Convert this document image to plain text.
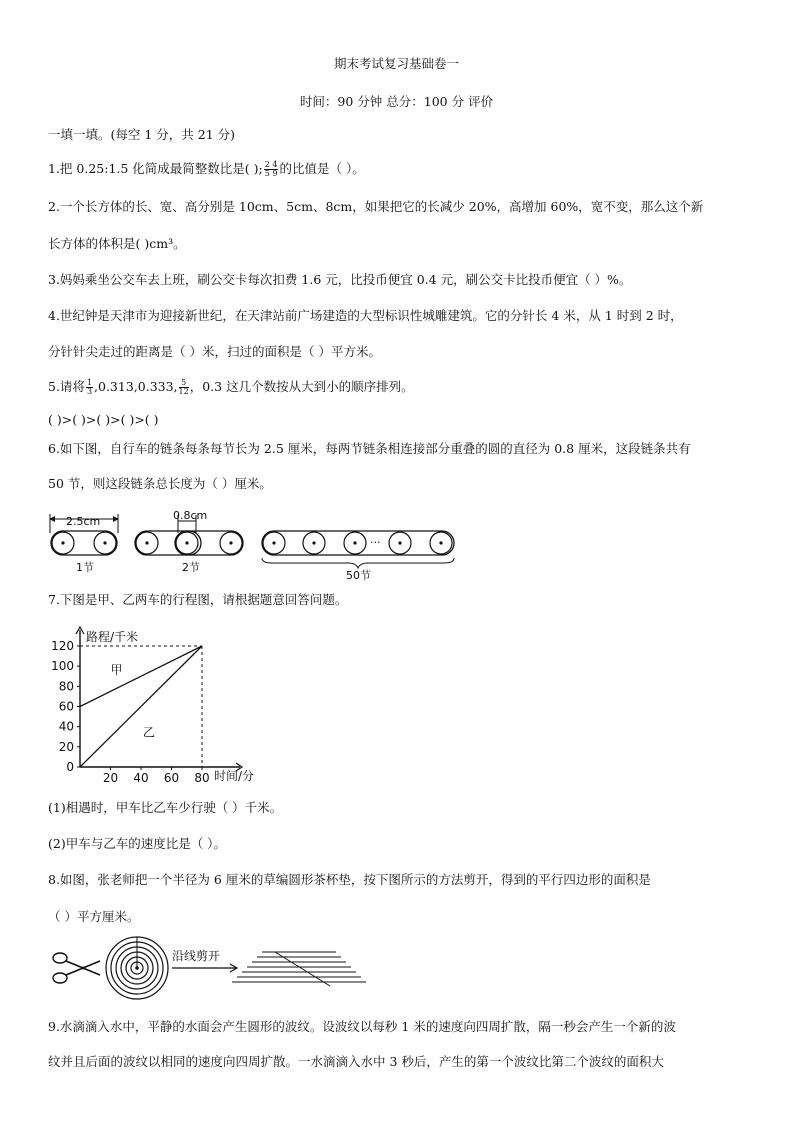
期末考试复习基础卷一
时间：90 分钟 总分：100 分 评价
一填一填。(每空 1 分，共 21 分)
1.把 0.25:1.5 化简成最简整数比是( ); $\frac{2 4}{5 9}$ 的比值是（ ）。
2.一个长方体的长、宽、高分别是 10cm、5cm、8cm，如果把它的长减少 20%，高增加 60%，宽不变，那么这个新
长方体的体积是( )cm³。
3.妈妈乘坐公交车去上班，刷公交卡每次扣费 1.6 元，比投币便宜 0.4 元，刷公交卡比投币便宜（ ）%。
4.世纪钟是天津市为迎接新世纪，在天津站前广场建造的大型标识性城雕建筑。它的分针长 4 米，从 1 时到 2 时，
分针针尖走过的距离是（ ）米，扫过的面积是（ ）平方米。
5.请将 $\frac{1}{3} ,0.313,0.333$, $\frac{5}{12}$ ，0.3 这几个数按从大到小的顺序排列。
( )>( )>( )>( )>( )
6.如下图，自行车的链条每条每节长为 2.5 厘米，每两节链条相连接部分重叠的圆的直径为 0.8 厘米，这段链条共有
50 节，则这段链条总长度为（ ）厘米。
2.5cm
1节
0.8cm
2节
···
50节
7.下图是甲、乙两车的行程图，请根据题意回答问题。
路程/千米
时间/分
0
20
40
60
80
100
120
20 40 60 80
甲
乙
(1)相遇时，甲车比乙车少行驶（ ）千米。
(2)甲车与乙车的速度比是（ ）。
8.如图，张老师把一个半径为 6 厘米的草编圆形茶杯垫，按下图所示的方法剪开，得到的平行四边形的面积是
（ ）平方厘米。
沿线剪开
9.水滴滴入水中，平静的水面会产生圆形的波纹。设波纹以每秒 1 米的速度向四周扩散，隔一秒会产生一个新的波
纹并且后面的波纹以相同的速度向四周扩散。一水滴滴入水中 3 秒后，产生的第一个波纹比第二个波纹的面积大
